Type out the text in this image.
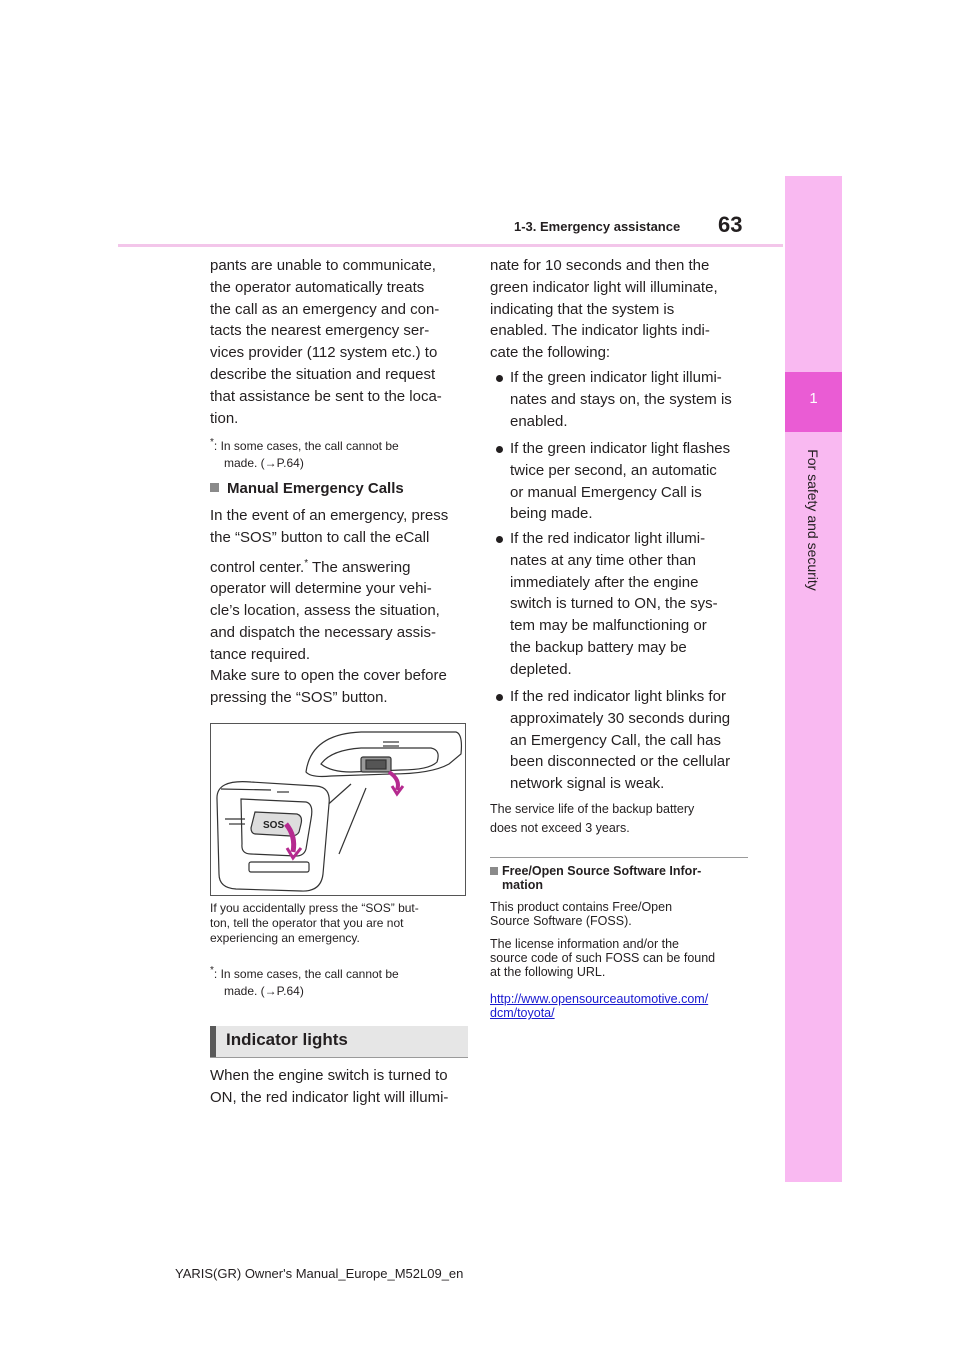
1-3. Emergency assistance 63
1
For safety and security
pants are unable to communicate,
the operator automatically treats
the call as an emergency and con-
tacts the nearest emergency ser-
vices provider (112 system etc.) to
describe the situation and request
that assistance be sent to the loca-
tion.
*: In some cases, the call cannot be
made. (→P.64)
Manual Emergency Calls
In the event of an emergency, press
the “SOS” button to call the eCall
control center.* The answering
operator will determine your vehi-
cle’s location, assess the situation,
and dispatch the necessary assis-
tance required.
Make sure to open the cover before
pressing the “SOS” button.
SOS
If you accidentally press the “SOS” but-
ton, tell the operator that you are not
experiencing an emergency.
*: In some cases, the call cannot be
made. (→P.64)
Indicator lights
When the engine switch is turned to
ON, the red indicator light will illumi-
nate for 10 seconds and then the
green indicator light will illuminate,
indicating that the system is
enabled. The indicator lights indi-
cate the following:
If the green indicator light illumi-
nates and stays on, the system is
enabled.
If the green indicator light flashes
twice per second, an automatic
or manual Emergency Call is
being made.
If the red indicator light illumi-
nates at any time other than
immediately after the engine
switch is turned to ON, the sys-
tem may be malfunctioning or
the backup battery may be
depleted.
If the red indicator light blinks for
approximately 30 seconds during
an Emergency Call, the call has
been disconnected or the cellular
network signal is weak.
The service life of the backup battery
does not exceed 3 years.
Free/Open Source Software Infor-
mation
This product contains Free/Open
Source Software (FOSS).
The license information and/or the
source code of such FOSS can be found
at the following URL.
http://www.opensourceautomotive.com/
dcm/toyota/
YARIS(GR) Owner's Manual_Europe_M52L09_en
